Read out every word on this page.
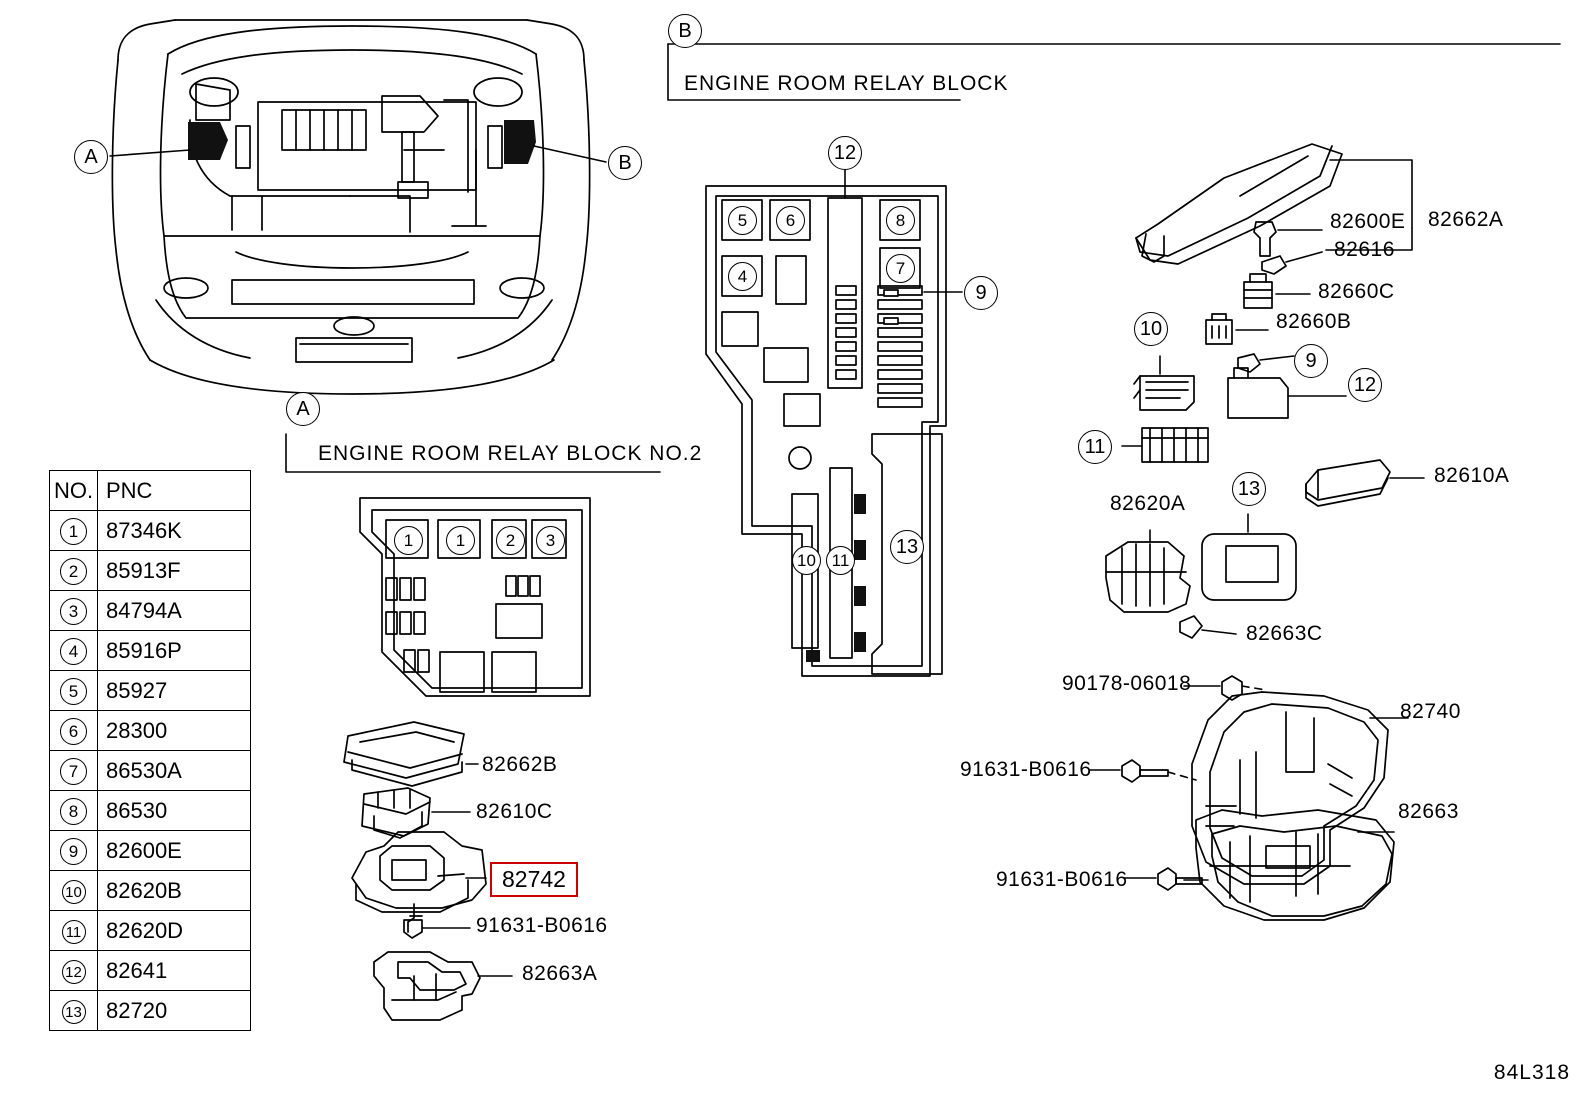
A	B
A
ENGINE ROOM RELAY BLOCK NO.2
1	1 2 3
82662B
82610C
82742
91631-B0616
82663A
B
ENGINE ROOM RELAY BLOCK
12
5 6
4
8
7
9
10 11
13
10
11
9
12
13
82662A
82600E
82616
82660C
82660B
82620A
82610A
82663C
90178-06018
82740
91631-B0616
82663
91631-B0616
NO.	PNC
1	87346K
2	85913F
3	84794A
4	85916P
5	85927
6	28300
7	86530A
8	86530
9	82600E
10	82620B
11	82620D
12	82641
13	82720
84L318
